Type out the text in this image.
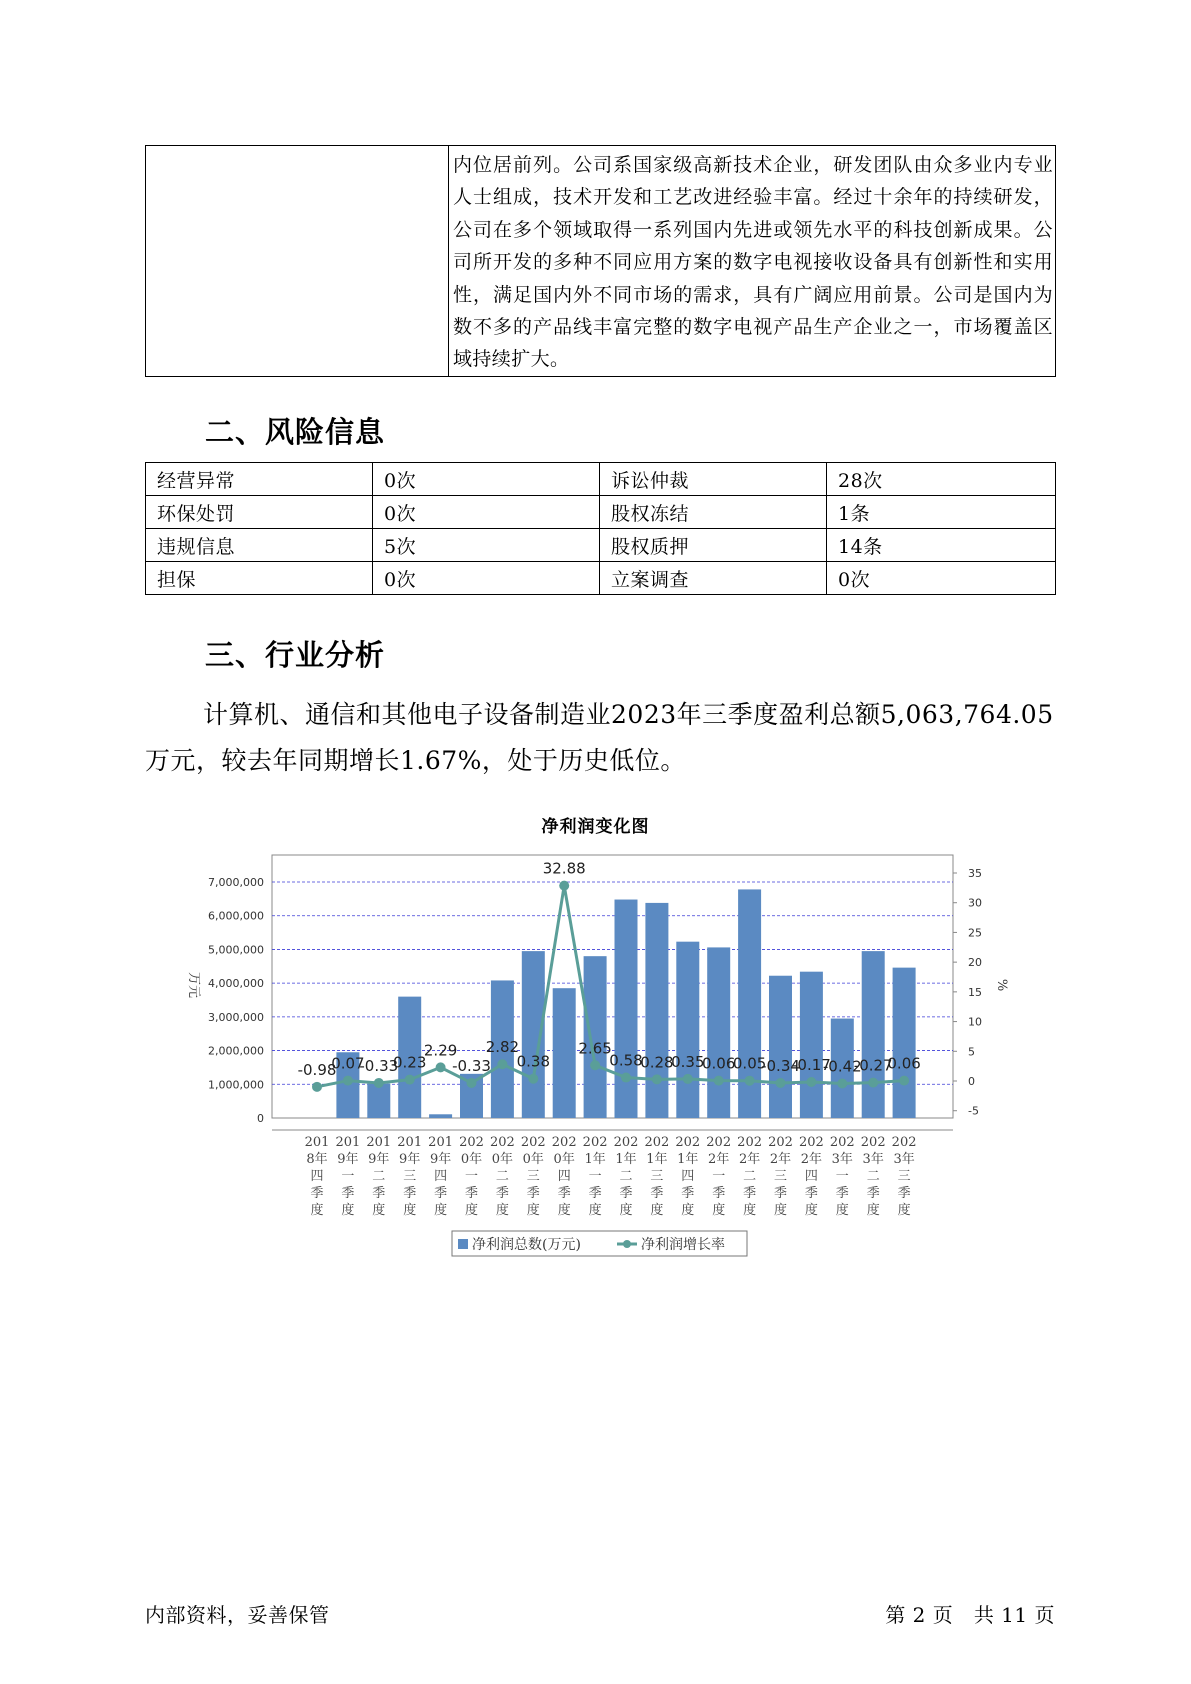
内位居前列。公司系国家级高新技术企业，研发团队由众多业内专业人士组成，技术开发和工艺改进经验丰富。经过十余年的持续研发，公司在多个领域取得一系列国内先进或领先水平的科技创新成果。公司所开发的多种不同应用方案的数字电视接收设备具有创新性和实用性，满足国内外不同市场的需求，具有广阔应用前景。公司是国内为数不多的产品线丰富完整的数字电视产品生产企业之一，市场覆盖区域持续扩大。
二、风险信息
经营异常	0次	诉讼仲裁	28次
环保处罚	0次	股权冻结	1条
违规信息	5次	股权质押	14条
担保	0次	立案调查	0次
三、行业分析
计算机、通信和其他电子设备制造业2023年三季度盈利总额5,063,764.05万元，较去年同期增长1.67%，处于历史低位。
净利润变化图
0
1,000,000
2,000,000
3,000,000
4,000,000
5,000,000
6,000,000
7,000,000
-5
0
5
10
15
20
25
30
35
万元	%
-0.98
0.07
-0.33
0.23
2.29
-0.33
2.82
0.38
32.88
2.65
0.58
0.28
0.35
0.06
0.05
-0.34
-0.17
-0.42
-0.27
0.06
201
8年
四
季
度
201
9年
一
季
度
201
9年
二
季
度
201
9年
三
季
度
201
9年
四
季
度
202
0年
一
季
度
202
0年
二
季
度
202
0年
三
季
度
202
0年
四
季
度
202
1年
一
季
度
202
1年
二
季
度
202
1年
三
季
度
202
1年
四
季
度
202
2年
一
季
度
202
2年
二
季
度
202
2年
三
季
度
202
2年
四
季
度
202
3年
一
季
度
202
3年
二
季
度
202
3年
三
季
度
净利润总数(万元)	净利润增长率
内部资料，妥善保管	第 2 页   共 11 页
